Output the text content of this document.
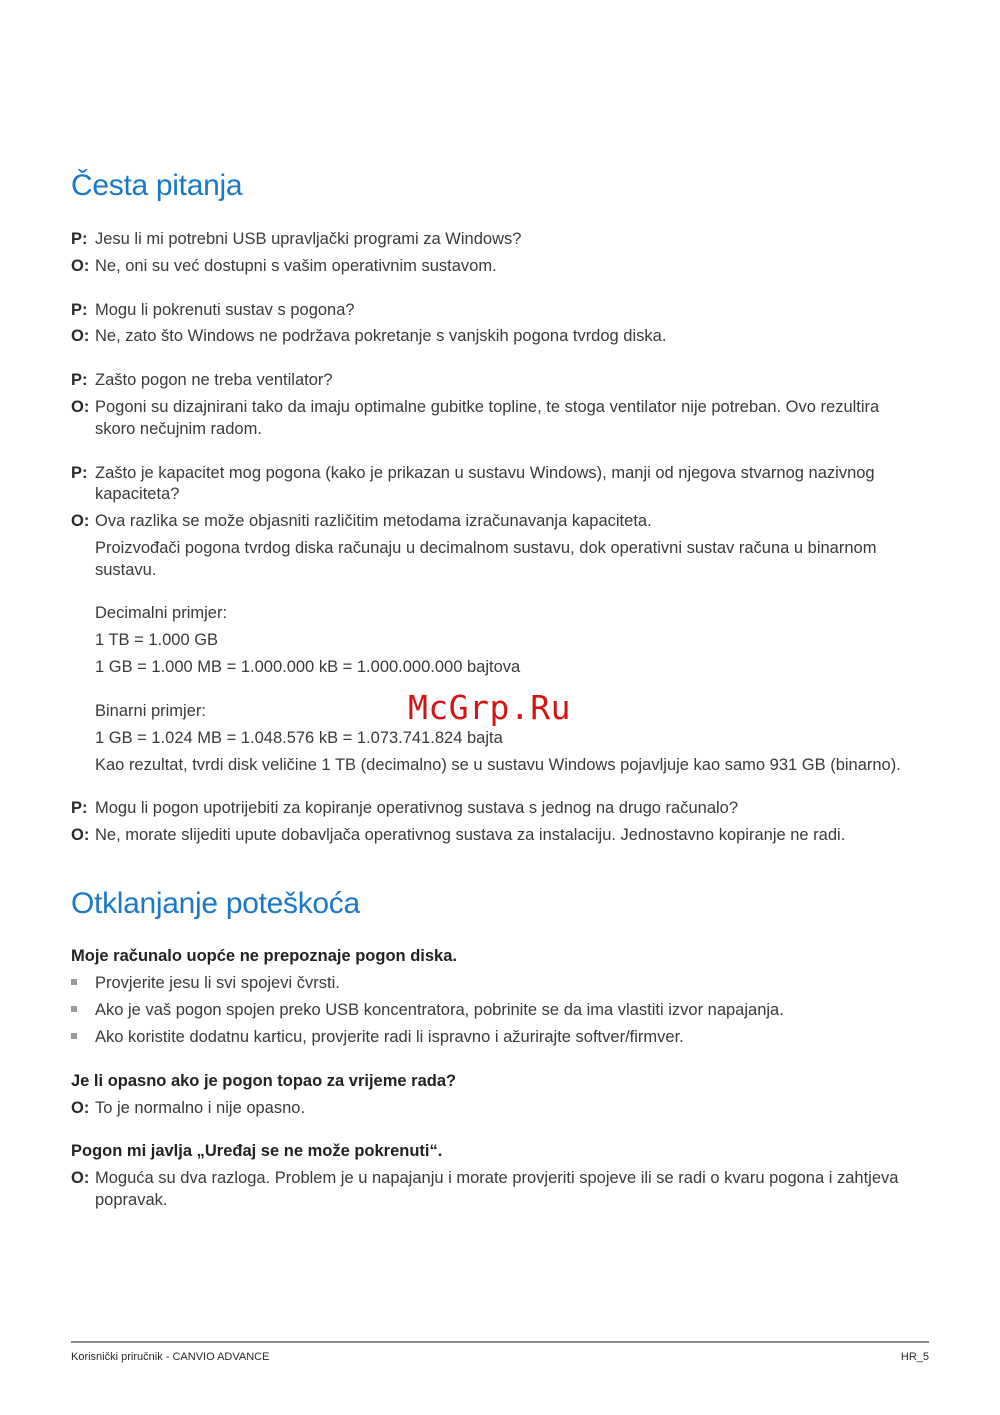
Česta pitanja
P: Jesu li mi potrebni USB upravljački programi za Windows?
O: Ne, oni su već dostupni s vašim operativnim sustavom.
P: Mogu li pokrenuti sustav s pogona?
O: Ne, zato što Windows ne podržava pokretanje s vanjskih pogona tvrdog diska.
P: Zašto pogon ne treba ventilator?
O: Pogoni su dizajnirani tako da imaju optimalne gubitke topline, te stoga ventilator nije potreban. Ovo rezultira
skoro nečujnim radom.
P: Zašto je kapacitet mog pogona (kako je prikazan u sustavu Windows), manji od njegova stvarnog nazivnog
kapaciteta?
O: Ova razlika se može objasniti različitim metodama izračunavanja kapaciteta.
Proizvođači pogona tvrdog diska računaju u decimalnom sustavu, dok operativni sustav računa u binarnom
sustavu.
Decimalni primjer:
1 TB = 1.000 GB
1 GB = 1.000 MB = 1.000.000 kB = 1.000.000.000 bajtova
Binarni primjer:
1 GB = 1.024 MB = 1.048.576 kB = 1.073.741.824 bajta
Kao rezultat, tvrdi disk veličine 1 TB (decimalno) se u sustavu Windows pojavljuje kao samo 931 GB (binarno).
P: Mogu li pogon upotrijebiti za kopiranje operativnog sustava s jednog na drugo računalo?
O: Ne, morate slijediti upute dobavljača operativnog sustava za instalaciju. Jednostavno kopiranje ne radi.
Otklanjanje poteškoća
Moje računalo uopće ne prepoznaje pogon diska.
Provjerite jesu li svi spojevi čvrsti.
Ako je vaš pogon spojen preko USB koncentratora, pobrinite se da ima vlastiti izvor napajanja.
Ako koristite dodatnu karticu, provjerite radi li ispravno i ažurirajte softver/firmver.
Je li opasno ako je pogon topao za vrijeme rada?
O: To je normalno i nije opasno.
Pogon mi javlja „Uređaj se ne može pokrenuti“.
O: Moguća su dva razloga. Problem je u napajanju i morate provjeriti spojeve ili se radi o kvaru pogona i zahtjeva
popravak.
McGrp.Ru
Korisnički priručnik - CANVIO ADVANCE	HR_5
